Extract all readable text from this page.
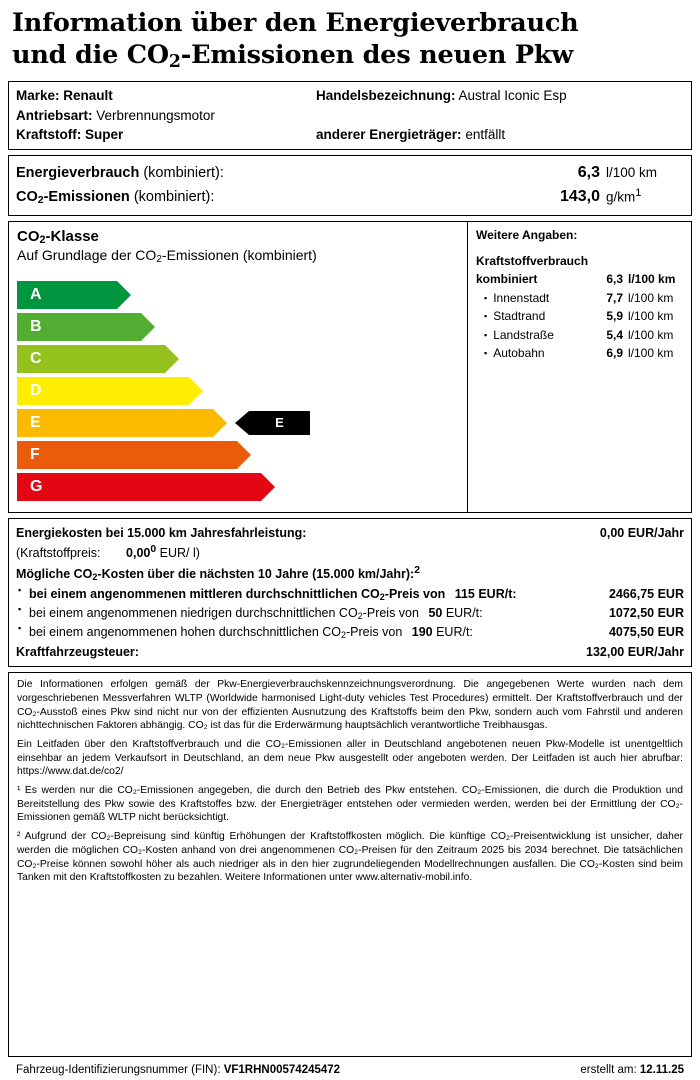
Information über den Energieverbrauch
und die $CO_2$-Emissionen des neuen Pkw
Marke: Renault	Handelsbezeichnung: Austral Iconic Esp
Antriebsart: Verbrennungsmotor
Kraftstoff: Super	anderer Energieträger: entfällt
Energieverbrauch (kombiniert):	6,3 l/100 km
$CO_2$-Emissionen (kombiniert):	143,0 $g/km^1$
$CO_2$-Klasse
Auf Grundlage der $CO_2$-Emissionen (kombiniert)
A
B
C
D
E
E
F
G
Weitere Angaben:
Kraftstoffverbrauch
kombiniert	6,3 l/100 km
▪ Innenstadt	7,7 l/100 km
▪ Stadtrand	5,9 l/100 km
▪ Landstraße	5,4 l/100 km
▪ Autobahn	6,9 l/100 km
Energiekosten bei 15.000 km Jahresfahrleistung:	0,00 EUR/Jahr
(Kraftstoffpreis: 0,00$^0$ EUR/ l)
Mögliche $CO_2$-Kosten über die nächsten 10 Jahre (15.000 km/Jahr):$^2$
▪ bei einem angenommenen mittleren durchschnittlichen $CO_2$-Preis von 115 EUR/t:	2466,75 EUR
▪ bei einem angenommenen niedrigen durchschnittlichen $CO_2$-Preis von 50 EUR/t:	1072,50 EUR
▪ bei einem angenommenen hohen durchschnittlichen $CO_2$-Preis von 190 EUR/t:	4075,50 EUR
Kraftfahrzeugsteuer:	132,00 EUR/Jahr

Die Informationen erfolgen gemäß der Pkw-Energieverbrauchskennzeichnungsverordnung. Die angegebenen Werte wurden nach dem vorgeschriebenen Messverfahren WLTP (Worldwide harmonised Light-duty vehicles Test Procedures) ermittelt. Der Kraftstoffverbrauch und der CO₂-Ausstoß eines Pkw sind nicht nur von der effizienten Ausnutzung des Kraftstoffs beim den Pkw, sondern auch vom Fahrstil und anderen nichttechnischen Faktoren abhängig. CO₂ ist das für die Erderwärmung hauptsächlich verantwortliche Treibhausgas.

Ein Leitfaden über den Kraftstoffverbrauch und die CO₂-Emissionen aller in Deutschland angebotenen neuen Pkw-Modelle ist unentgeltlich einsehbar an jedem Verkaufsort in Deutschland, an dem neue Pkw ausgestellt oder angeboten werden. Der Leitfaden ist auch hier abrufbar: https://www.dat.de/co2/

¹ Es werden nur die CO₂-Emissionen angegeben, die durch den Betrieb des Pkw entstehen. CO₂-Emissionen, die durch die Produktion und Bereitstellung des Pkw sowie des Kraftstoffes bzw. der Energieträger entstehen oder vermieden werden, werden bei der Ermittlung der CO₂-Emissionen gemäß WLTP nicht berücksichtigt.

² Aufgrund der CO₂-Bepreisung sind künftig Erhöhungen der Kraftstoffkosten möglich. Die künftige CO₂-Preisentwicklung ist unsicher, daher werden die möglichen CO₂-Kosten anhand von drei angenommenen CO₂-Preisen für den Zeitraum 2025 bis 2034 berechnet. Die tatsächlichen CO₂-Preise können sowohl höher als auch niedriger als in den hier zugrundeliegenden Modellrechnungen ausfallen. Die CO₂-Kosten sind beim Tanken mit den Kraftstoffkosten zu bezahlen. Weitere Informationen unter www.alternativ-mobil.info.

Fahrzeug-Identifizierungsnummer (FIN): VF1RHN00574245472	erstellt am: 12.11.25
